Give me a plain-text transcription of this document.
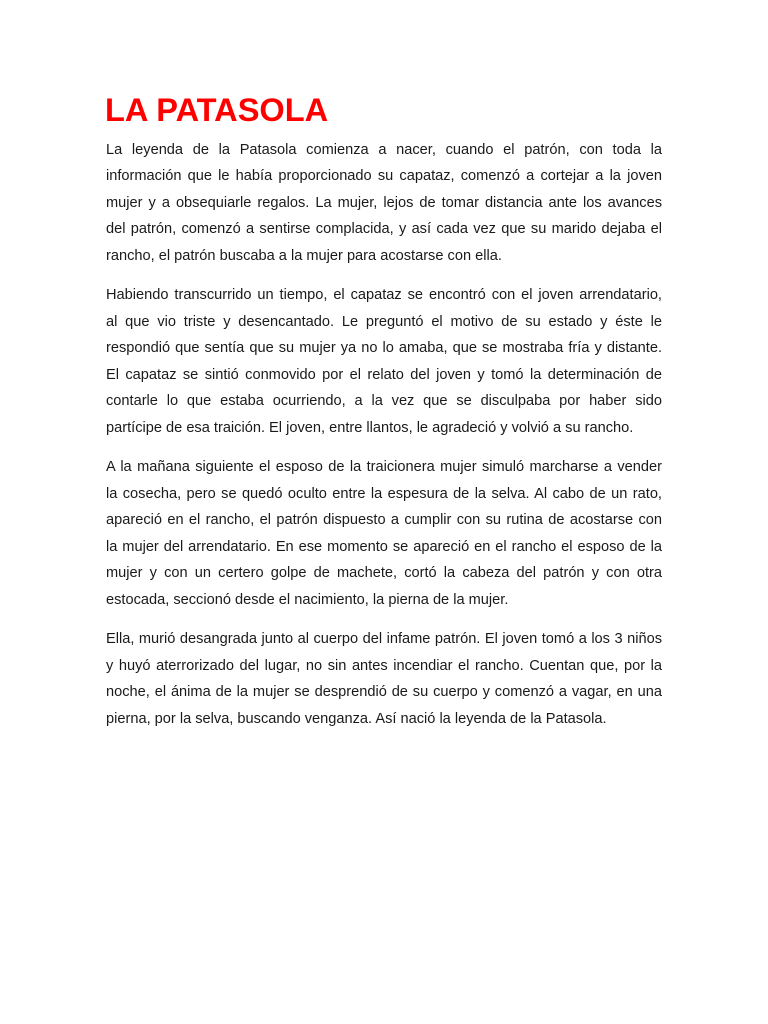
LA PATASOLA
La leyenda de la Patasola comienza a nacer, cuando el patrón, con toda la
información que le había proporcionado su capataz, comenzó a cortejar a la joven
mujer y a obsequiarle regalos. La mujer, lejos de tomar distancia ante los avances
del patrón, comenzó a sentirse complacida, y así cada vez que su marido dejaba el
rancho, el patrón buscaba a la mujer para acostarse con ella.
Habiendo transcurrido un tiempo, el capataz se encontró con el joven arrendatario,
al que vio triste y desencantado. Le preguntó el motivo de su estado y éste le
respondió que sentía que su mujer ya no lo amaba, que se mostraba fría y distante.
El capataz se sintió conmovido por el relato del joven y tomó la determinación de
contarle lo que estaba ocurriendo, a la vez que se disculpaba por haber sido
partícipe de esa traición. El joven, entre llantos, le agradeció y volvió a su rancho.
A la mañana siguiente el esposo de la traicionera mujer simuló marcharse a vender
la cosecha, pero se quedó oculto entre la espesura de la selva. Al cabo de un rato,
apareció en el rancho, el patrón dispuesto a cumplir con su rutina de acostarse con
la mujer del arrendatario. En ese momento se apareció en el rancho el esposo de la
mujer y con un certero golpe de machete, cortó la cabeza del patrón y con otra
estocada, seccionó desde el nacimiento, la pierna de la mujer.
Ella, murió desangrada junto al cuerpo del infame patrón. El joven tomó a los 3 niños
y huyó aterrorizado del lugar, no sin antes incendiar el rancho. Cuentan que, por la
noche, el ánima de la mujer se desprendió de su cuerpo y comenzó a vagar, en una
pierna, por la selva, buscando venganza. Así nació la leyenda de la Patasola.
